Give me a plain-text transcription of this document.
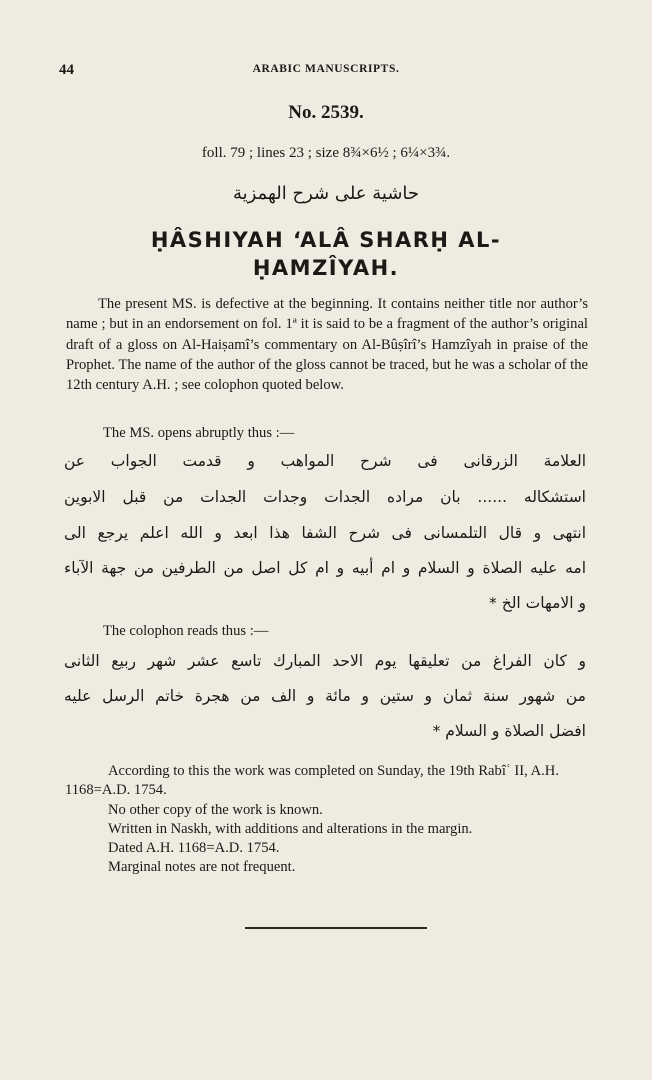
44	ARABIC MANUSCRIPTS.
No. 2539.
foll. 79 ; lines 23 ; size 8¾×6½ ; 6¼×3¾.
حاشية على شرح الهمزية
ḤÂSHIYAH ‘ALÂ SHARḤ AL-
ḤAMZÎYAH.
The present MS. is defective at the beginning. It contains neither title nor author’s name ; but in an endorsement on fol. 1ª it is said to be a fragment of the author’s original draft of a gloss on Al-Haiṣamî’s commentary on Al-Bûṣîrî’s Hamzîyah in praise of the Prophet. The name of the author of the gloss cannot be traced, but he was a scholar of the 12th century A.H. ; see colophon quoted below.
The MS. opens abruptly thus :—
العلامة الزرقانى فى شرح المواهب و قدمت الجواب عن
استشكاله ...... بان مراده الجدات وجدات الجدات من قبل الابوين
انتهى و قال التلمسانى فى شرح الشفا هذا ابعد و الله اعلم يرجع الى
امه عليه الصلاة و السلام و ام أبيه و ام كل اصل من الطرفين من جهة الآباء
و الامهات الخ *
The colophon reads thus :—
و كان الفراغ من تعليقها يوم الاحد المبارك تاسع عشر شهر ربيع الثانى
من شهور سنة ثمان و ستين و مائة و الف من هجرة خاتم الرسل عليه
افضل الصلاة و السلام *
According to this the work was completed on Sunday, the 19th Rabîʿ II, A.H. 1168=A.D. 1754.
No other copy of the work is known.
Written in Naskh, with additions and alterations in the margin.
Dated A.H. 1168=A.D. 1754.
Marginal notes are not frequent.
